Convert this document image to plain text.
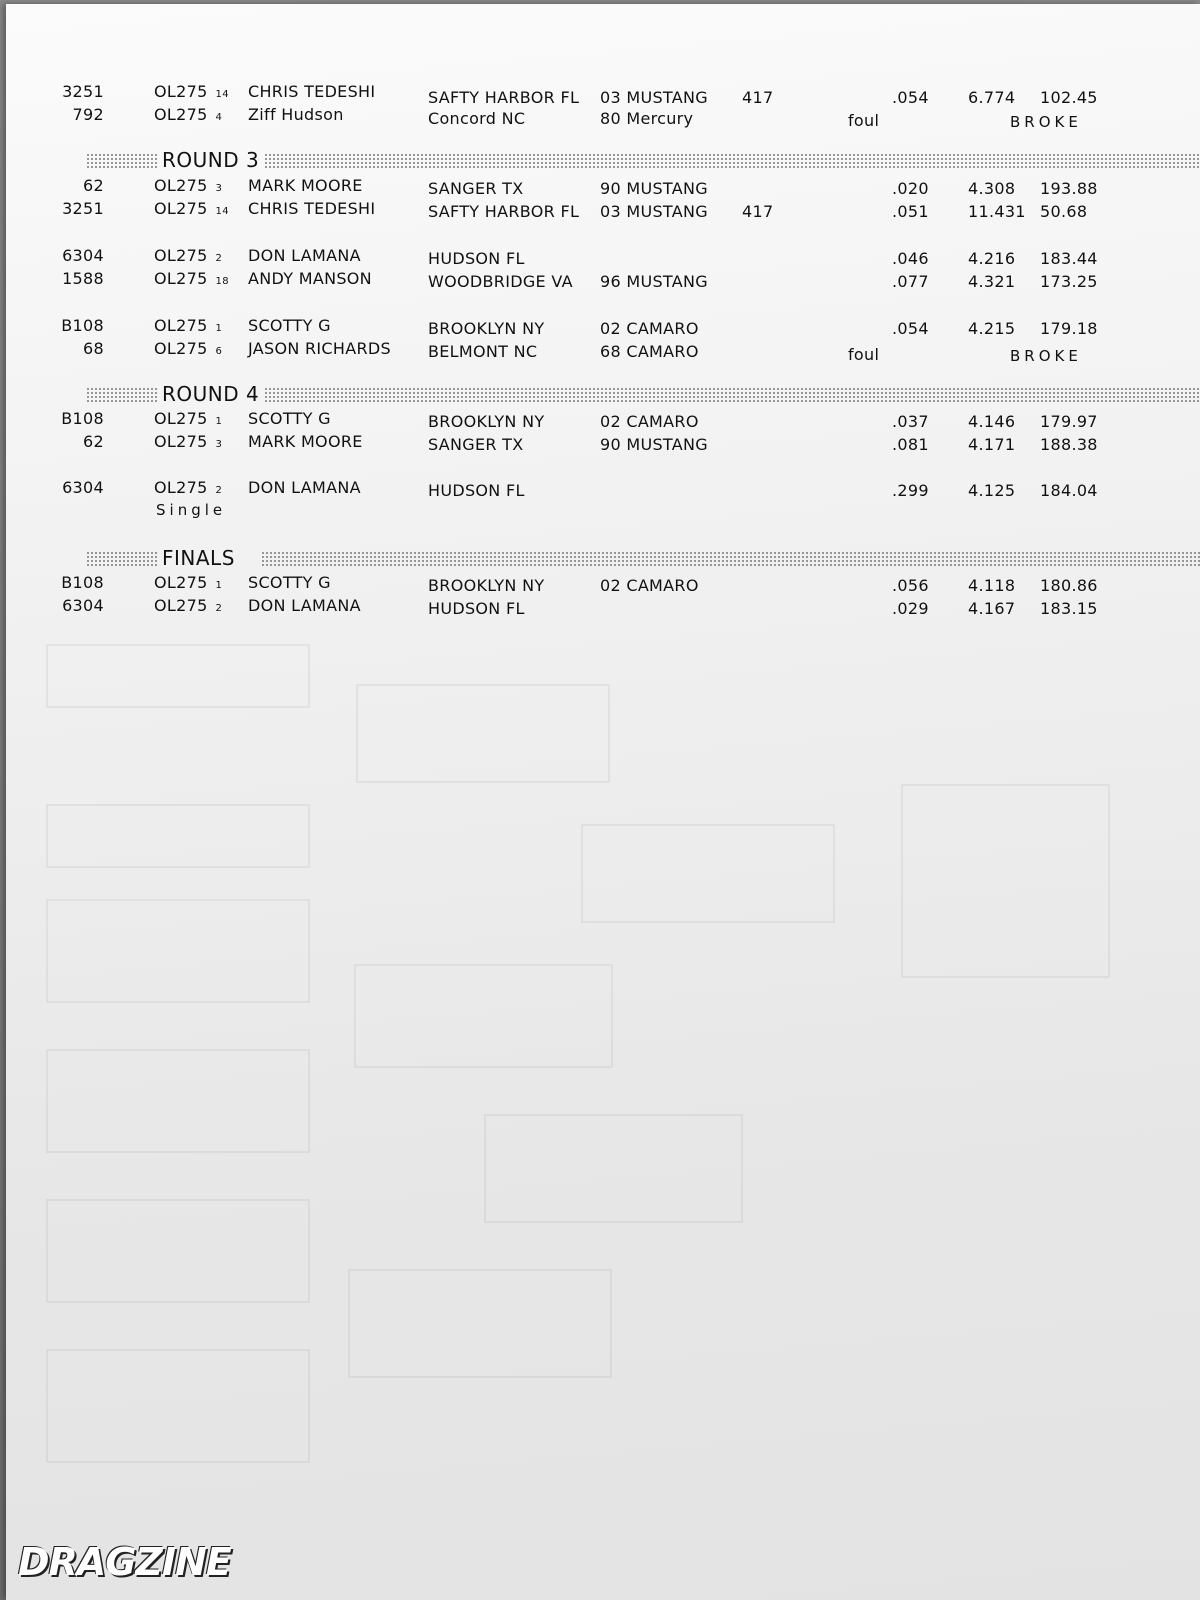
3251	OL275 14 CHRIS TEDESHI	SAFTY HARBOR FL 03 MUSTANG 417	.054 6.774 102.45
792	OL275 4 Ziff Hudson	Concord NC	80 Mercury	foul	BROKE
ROUND 3
62	OL275 3 MARK MOORE	SANGER TX	90 MUSTANG	.020 4.308 193.88
3251	OL275 14 CHRIS TEDESHI	SAFTY HARBOR FL 03 MUSTANG 417	.051 11.431 50.68
6304	OL275 2 DON LAMANA	HUDSON FL	.046 4.216 183.44
1588	OL275 18 ANDY MANSON	WOODBRIDGE VA 96 MUSTANG	.077 4.321 173.25
B108	OL275 1 SCOTTY G	BROOKLYN NY	02 CAMARO	.054 4.215 179.18
68	OL275 6 JASON RICHARDS BELMONT NC	68 CAMARO	foul	BROKE
ROUND 4
B108	OL275 1 SCOTTY G	BROOKLYN NY	02 CAMARO	.037 4.146 179.97
62	OL275 3 MARK MOORE	SANGER TX	90 MUSTANG	.081 4.171 188.38
6304	OL275 2 DON LAMANA	HUDSON FL	.299 4.125 184.04
Single
FINALS
B108	OL275 1 SCOTTY G	BROOKLYN NY	02 CAMARO	.056 4.118 180.86
6304	OL275 2 DON LAMANA	HUDSON FL	.029 4.167 183.15
DRAGZINE
